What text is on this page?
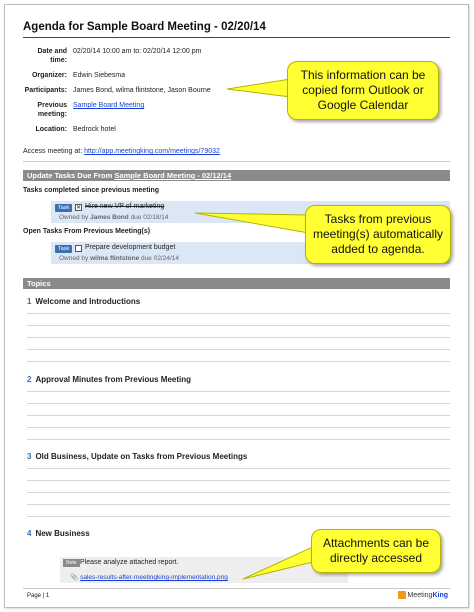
Agenda for Sample Board Meeting - 02/20/14
Date and time:
02/20/14 10:00 am to: 02/20/14 12:00 pm
Organizer: Edwin Siebesma
Participants: James Bond, wilma flintstone, Jason Bourne
Previous meeting:
Sample Board Meeting
Location: Bedrock hotel
Access meeting at: http://app.meetingking.com/meetings/79032
Update Tasks Due From Sample Board Meeting - 02/12/14
Tasks completed since previous meeting
Task	✕ Hire new VP of marketing
Owned by James Bond due 02/18/14
Open Tasks From Previous Meeting(s)
Task	Prepare development budget
Owned by wilma flintstone due 02/24/14
Topics
1 Welcome and Introductions
2 Approval Minutes from Previous Meeting
3 Old Business, Update on Tasks from Previous Meetings
4 New Business
Note Please analyze attached report.
📎 sales-results-after-meetingking-implementation.png
Page | 1	Meeting King
This information can be copied form Outlook or Google Calendar
Tasks from previous meeting(s) automatically added to agenda.
Attachments can be directly accessed
